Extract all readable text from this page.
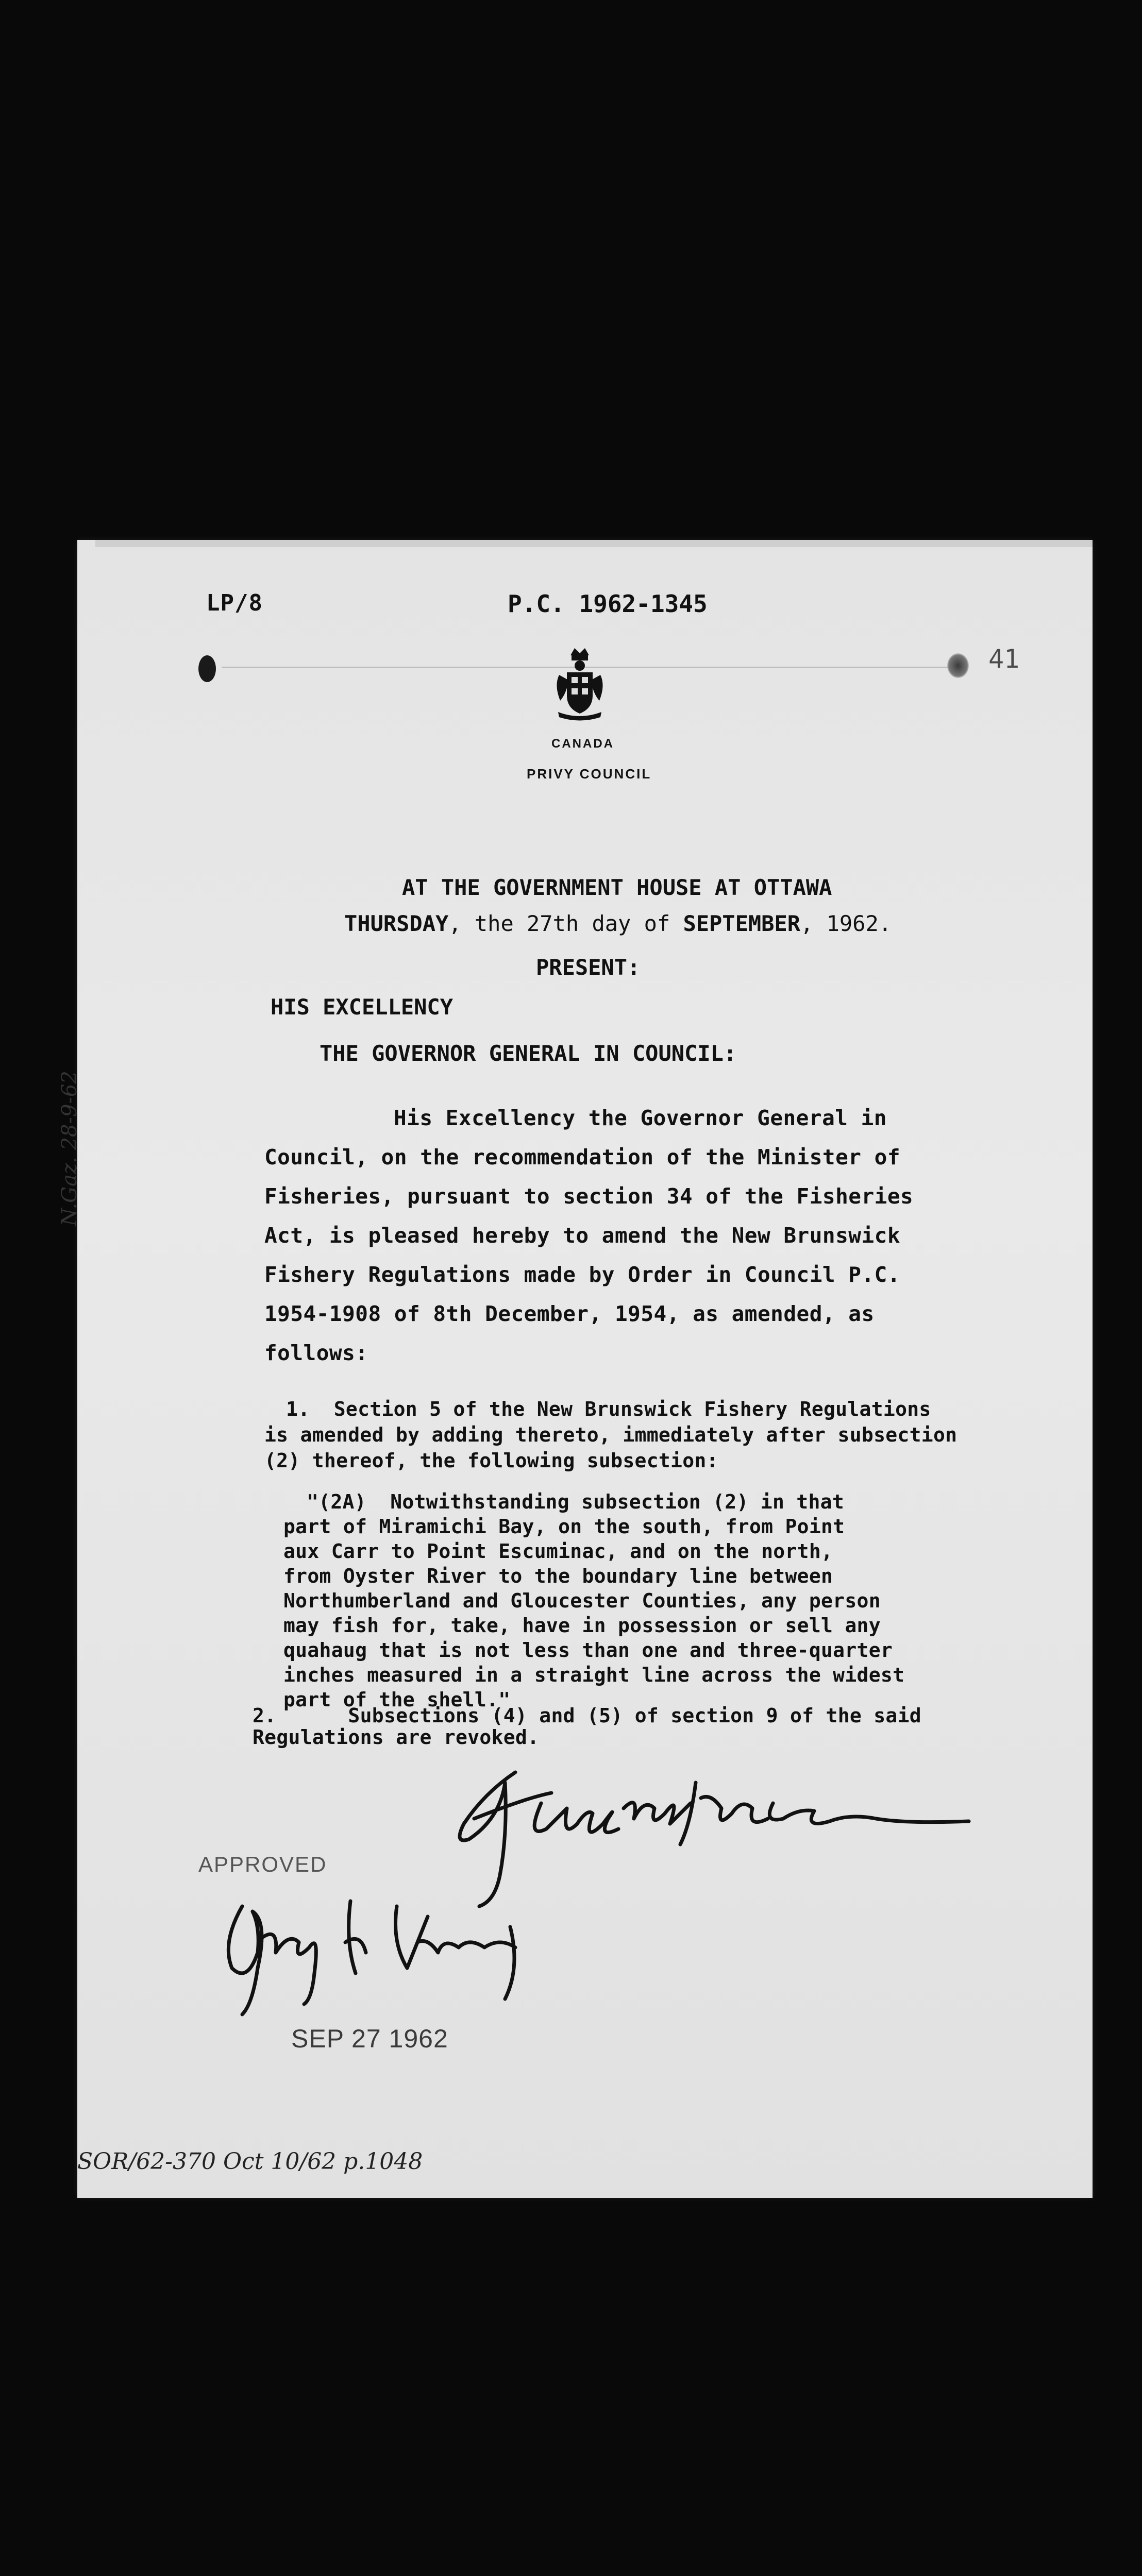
LP/8	P.C. 1962-1345

41

CANADA

PRIVY COUNCIL

AT THE GOVERNMENT HOUSE AT OTTAWA

THURSDAY, the 27th day of SEPTEMBER, 1962.

PRESENT:

HIS EXCELLENCY

THE GOVERNOR GENERAL IN COUNCIL:

His Excellency the Governor General in

Council, on the recommendation of the Minister of

Fisheries, pursuant to section 34 of the Fisheries

Act, is pleased hereby to amend the New Brunswick

Fishery Regulations made by Order in Council P.C.

1954-1908 of 8th December, 1954, as amended, as

follows:

1.  Section 5 of the New Brunswick Fishery Regulations

is amended by adding thereto, immediately after subsection

(2) thereof, the following subsection:

"(2A)  Notwithstanding subsection (2) in that

part of Miramichi Bay, on the south, from Point

aux Carr to Point Escuminac, and on the north,

from Oyster River to the boundary line between

Northumberland and Gloucester Counties, any person

may fish for, take, have in possession or sell any

quahaug that is not less than one and three-quarter

inches measured in a straight line across the widest

part of the shell."

2.      Subsections (4) and (5) of section 9 of the said

Regulations are revoked.

N.Gaz. 28-9-62

APPROVED

SEP 27 1962

SOR/62-370 Oct 10/62 p.1048
